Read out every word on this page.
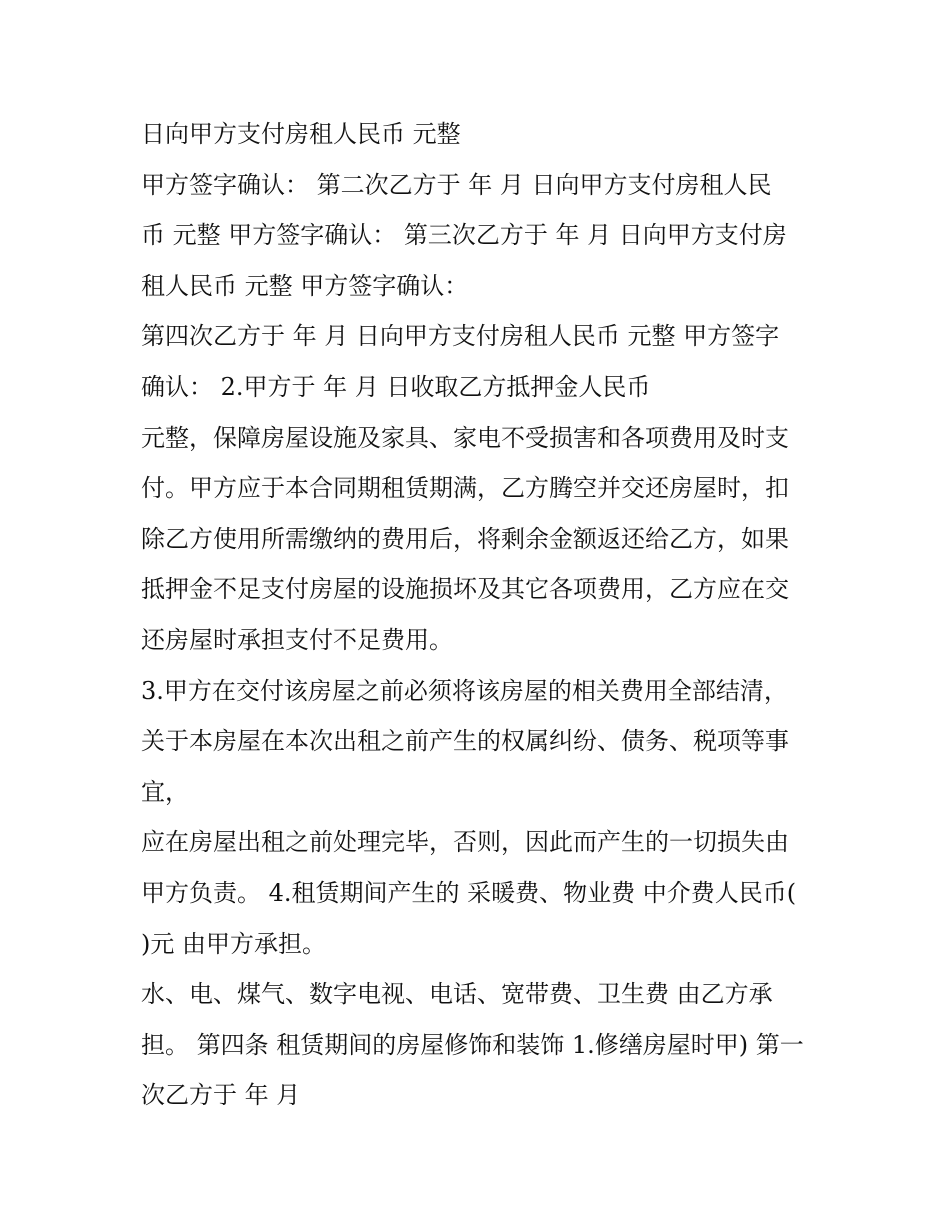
日向甲方支付房租人民币 元整
甲方签字确认： 第二次乙方于 年 月 日向甲方支付房租人民
币 元整 甲方签字确认： 第三次乙方于 年 月 日向甲方支付房
租人民币 元整 甲方签字确认：
第四次乙方于 年 月 日向甲方支付房租人民币 元整 甲方签字
确认： 2.甲方于 年 月 日收取乙方抵押金人民币
元整，保障房屋设施及家具、家电不受损害和各项费用及时支
付。甲方应于本合同期租赁期满，乙方腾空并交还房屋时，扣
除乙方使用所需缴纳的费用后，将剩余金额返还给乙方，如果
抵押金不足支付房屋的设施损坏及其它各项费用，乙方应在交
还房屋时承担支付不足费用。
3.甲方在交付该房屋之前必须将该房屋的相关费用全部结清，
关于本房屋在本次出租之前产生的权属纠纷、债务、税项等事
宜，
应在房屋出租之前处理完毕，否则，因此而产生的一切损失由
甲方负责。 4.租赁期间产生的 采暖费、物业费 中介费人民币(
)元 由甲方承担。
水、电、煤气、数字电视、电话、宽带费、卫生费 由乙方承
担。 第四条 租赁期间的房屋修饰和装饰 1.修缮房屋时甲) 第一
次乙方于 年 月
